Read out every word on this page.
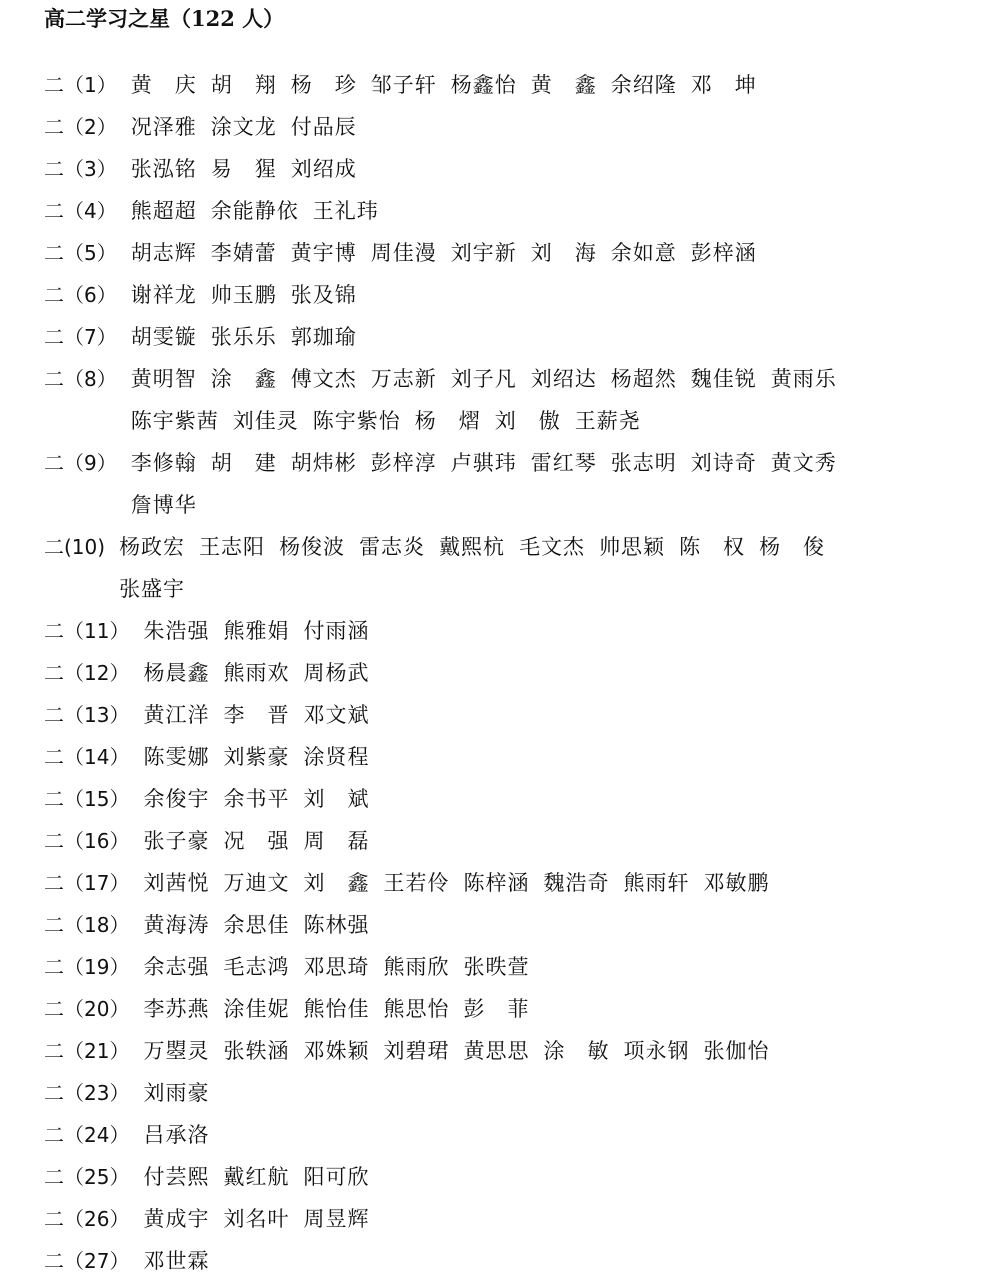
高二学习之星（122 人）
二（1） 黄　庆 胡　翔 杨　珍 邹子轩 杨鑫怡 黄　鑫 余绍隆 邓　坤
二（2） 况泽雅 涂文龙 付品辰
二（3） 张泓铭 易　猩 刘绍成
二（4） 熊超超 余能静依 王礼玮
二（5） 胡志辉 李婧蕾 黄宇博 周佳漫 刘宇新 刘　海 余如意 彭梓涵
二（6） 谢祥龙 帅玉鹏 张及锦
二（7） 胡雯镟 张乐乐 郭珈瑜
二（8） 黄明智 涂　鑫 傅文杰 万志新 刘子凡 刘绍达 杨超然 魏佳锐 黄雨乐
陈宇紫茜 刘佳灵 陈宇紫怡 杨　熠 刘　傲 王薪尧
二（9） 李修翰 胡　建 胡炜彬 彭梓淳 卢骐玮 雷红琴 张志明 刘诗奇 黄文秀
詹博华
二(10) 杨政宏 王志阳 杨俊波 雷志炎 戴熙杭 毛文杰 帅思颖 陈　权 杨　俊
张盛宇
二（11） 朱浩强 熊雅娟 付雨涵
二（12） 杨晨鑫 熊雨欢 周杨武
二（13） 黄江洋 李　晋 邓文斌
二（14） 陈雯娜 刘紫豪 涂贤程
二（15） 余俊宇 余书平 刘　斌
二（16） 张子豪 况　强 周　磊
二（17） 刘茜悦 万迪文 刘　鑫 王若伶 陈梓涵 魏浩奇 熊雨轩 邓敏鹏
二（18） 黄海涛 余思佳 陈林强
二（19） 余志强 毛志鸿 邓思琦 熊雨欣 张昳萱
二（20） 李苏燕 涂佳妮 熊怡佳 熊思怡 彭　菲
二（21） 万曌灵 张轶涵 邓姝颖 刘碧珺 黄思思 涂　敏 项永钢 张伽怡
二（23） 刘雨豪
二（24） 吕承洛
二（25） 付芸熙 戴红航 阳可欣
二（26） 黄成宇 刘名叶 周昱辉
二（27） 邓世霖
